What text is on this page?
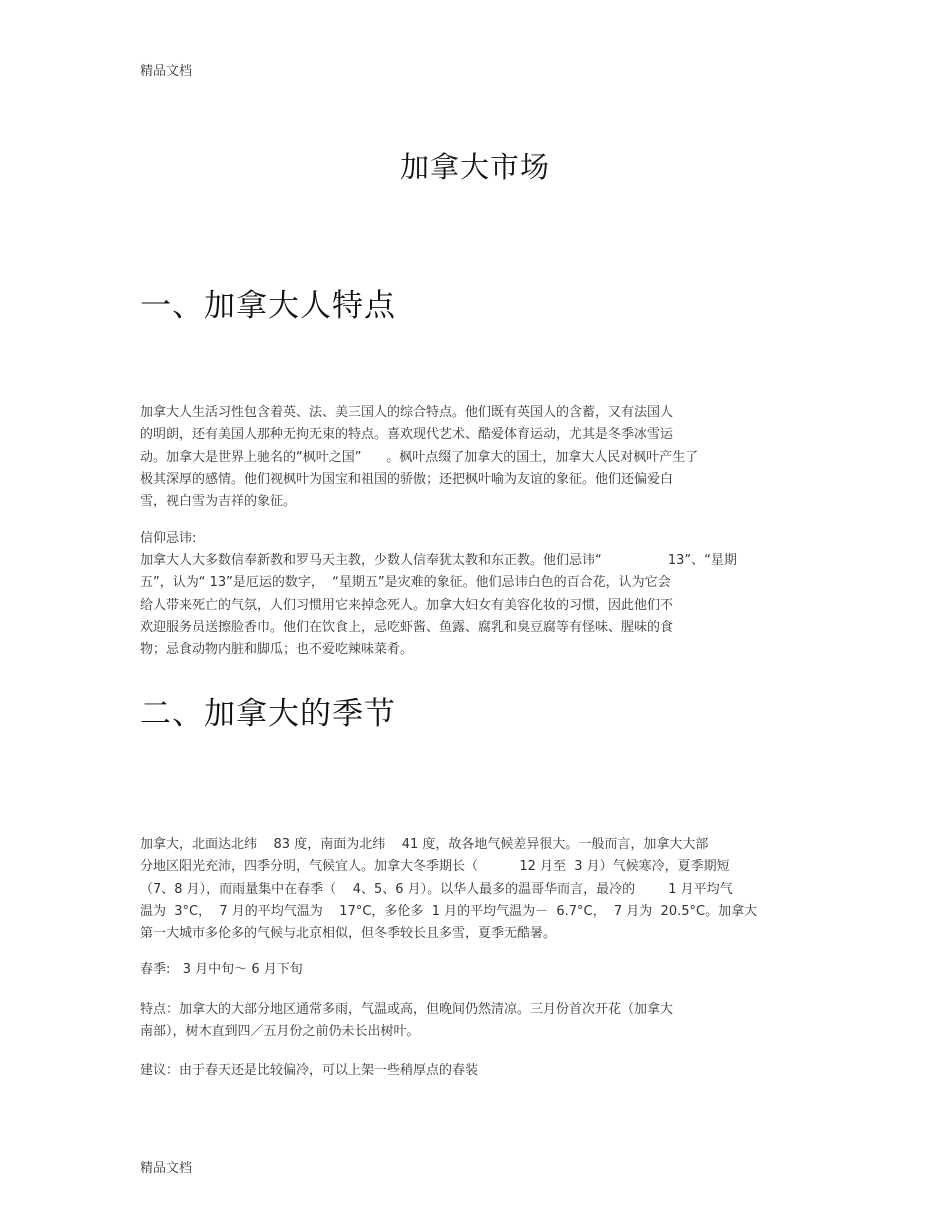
精品文档
加拿大市场
一、加拿大人特点
加拿大人生活习性包含着英、法、美三国人的综合特点。他们既有英国人的含蓄，又有法国人
的明朗，还有美国人那种无拘无束的特点。喜欢现代艺术、酷爱体育运动，尤其是冬季冰雪运
动。加拿大是世界上驰名的“枫叶之国”      。枫叶点缀了加拿大的国土，加拿大人民对枫叶产生了
极其深厚的感情。他们视枫叶为国宝和祖国的骄傲；还把枫叶喻为友谊的象征。他们还偏爱白
雪，视白雪为吉祥的象征。
信仰忌讳:
加拿大人大多数信奉新教和罗马天主教，少数人信奉犹太教和东正教。他们忌讳“                13”、“星期
五”，认为“ 13”是厄运的数字，  “星期五”是灾难的象征。他们忌讳白色的百合花，认为它会
给人带来死亡的气氛，人们习惯用它来掉念死人。加拿大妇女有美容化妆的习惯，因此他们不
欢迎服务员送擦脸香巾。他们在饮食上，忌吃虾酱、鱼露、腐乳和臭豆腐等有怪味、腥味的食
物；忌食动物内脏和脚瓜；也不爱吃辣味菜肴。
二、加拿大的季节
加拿大，北面达北纬    83 度，南面为北纬    41 度，故各地气候差异很大。一般而言，加拿大大部
分地区阳光充沛，四季分明，气候宜人。加拿大冬季期长（          12 月至  3 月）气候寒冷，夏季期短
（7、8 月），而雨量集中在春季（    4、5、6 月）。以华人最多的温哥华而言，最冷的        1 月平均气
温为  3°C，  7 月的平均气温为    17°C，多伦多  1 月的平均气温为－  6.7°C，  7 月为  20.5°C。加拿大
第一大城市多伦多的气候与北京相似，但冬季较长且多雪，夏季无酷暑。
春季:   3 月中旬～ 6 月下旬
特点：加拿大的大部分地区通常多雨，气温或高，但晚间仍然清凉。三月份首次开花（加拿大
南部），树木直到四／五月份之前仍未长出树叶。
建议：由于春天还是比较偏冷，可以上架一些稍厚点的春装
精品文档
